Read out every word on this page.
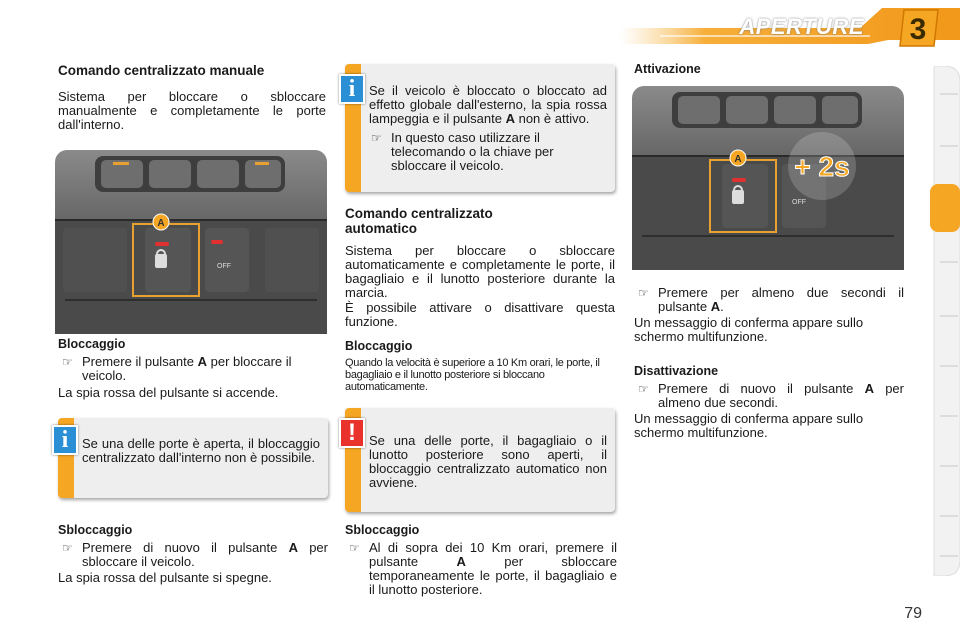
APERTURE 3
Comando centralizzato manuale

Sistema per bloccare o sbloccare manualmente e completamente le porte dall'interno.

A
OFF
Bloccaggio
☞ Premere il pulsante A per bloccare il veicolo.

La spia rossa del pulsante si accende.

Se una delle porte è aperta, il bloccaggio centralizzato dall'interno non è possibile.

i
Sbloccaggio
☞ Premere di nuovo il pulsante A per sbloccare il veicolo.

La spia rossa del pulsante si spegne.

Se il veicolo è bloccato o bloccato ad effetto globale dall'esterno, la spia rossa lampeggia e il pulsante A non è attivo.

☞ In questo caso utilizzare il telecomando o la chiave per sbloccare il veicolo.
i
Comando centralizzato automatico

Sistema per bloccare o sbloccare automaticamente e completamente le porte, il bagagliaio e il lunotto posteriore durante la marcia.

È possibile attivare o disattivare questa funzione.

Bloccaggio

Quando la velocità è superiore a 10 Km orari, le porte, il bagagliaio e il lunotto posteriore si bloccano automaticamente.

Se una delle porte, il bagagliaio o il lunotto posteriore sono aperti, il bloccaggio centralizzato automatico non avviene.

!
Sbloccaggio
☞ Al di sopra dei 10 Km orari, premere il pulsante A per sbloccare temporaneamente le porte, il bagagliaio e il lunotto posteriore.
Attivazione
A
OFF
+ 2s
☞ Premere per almeno due secondi il pulsante A.

Un messaggio di conferma appare sullo schermo multifunzione.

Disattivazione
☞ Premere di nuovo il pulsante A per almeno due secondi.

Un messaggio di conferma appare sullo schermo multifunzione.

79
